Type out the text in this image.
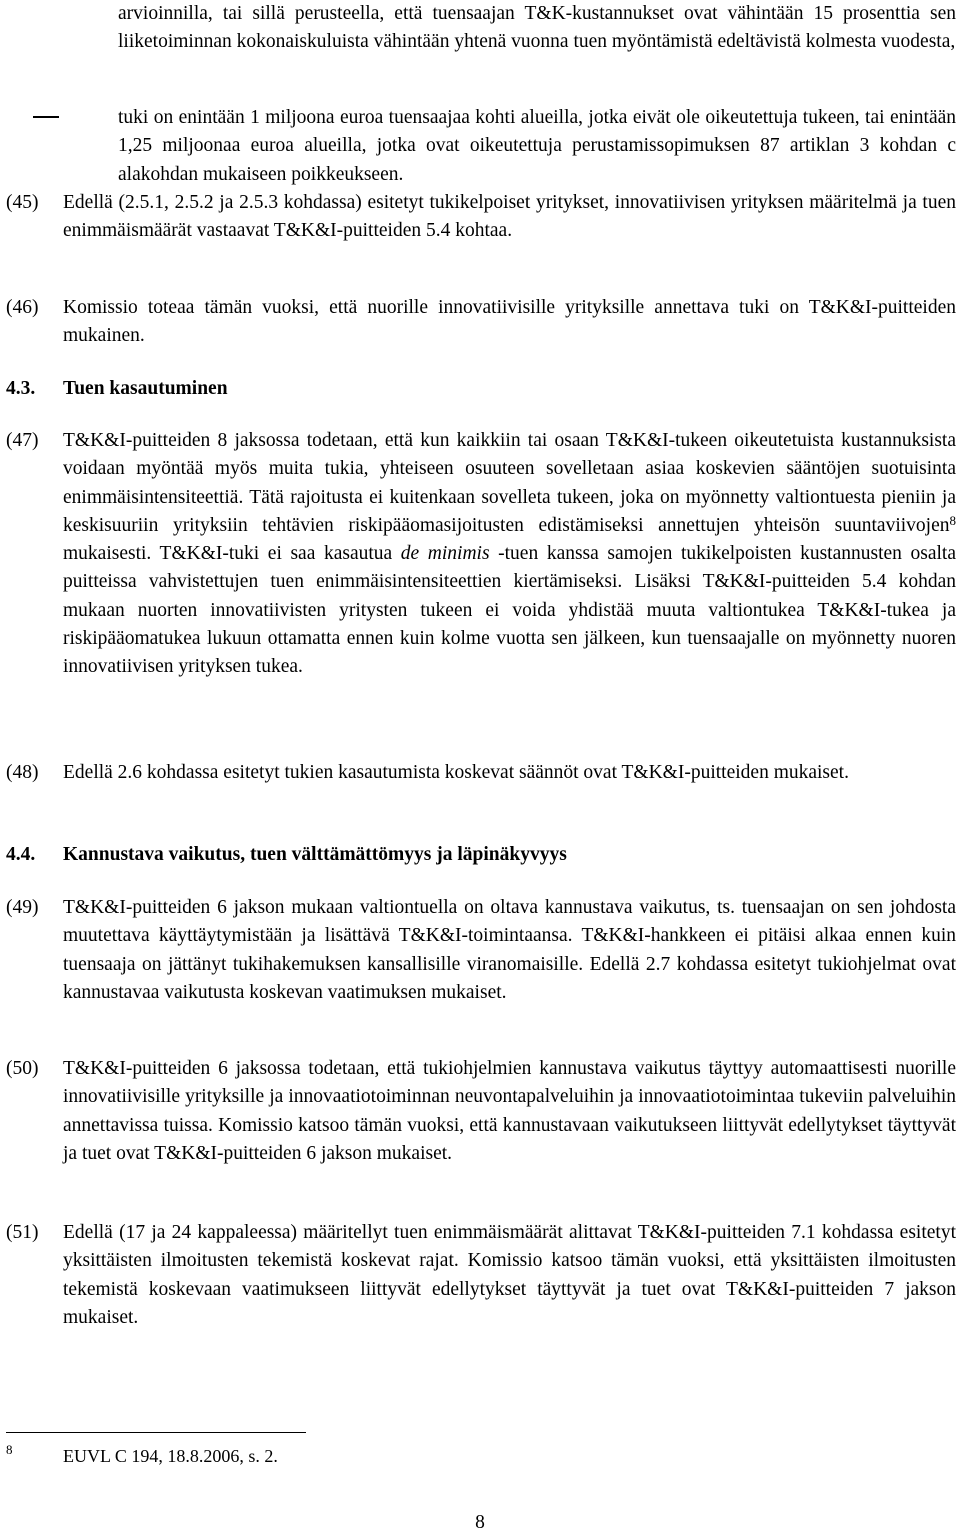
arvioinnilla, tai sillä perusteella, että tuensaajan T&K-kustannukset ovat vähintään 15 prosenttia sen liiketoiminnan kokonaiskuluista vähintään yhtenä vuonna tuen myöntämistä edeltävistä kolmesta vuodesta,
tuki on enintään 1 miljoona euroa tuensaajaa kohti alueilla, jotka eivät ole oikeutettuja tukeen, tai enintään 1,25 miljoonaa euroa alueilla, jotka ovat oikeutettuja perustamissopimuksen 87 artiklan 3 kohdan c alakohdan mukaiseen poikkeukseen.
(45)	Edellä (2.5.1, 2.5.2 ja 2.5.3 kohdassa) esitetyt tukikelpoiset yritykset, innovatiivisen yrityksen määritelmä ja tuen enimmäismäärät vastaavat T&K&I-puitteiden 5.4 kohtaa.

(46)	Komissio toteaa tämän vuoksi, että nuorille innovatiivisille yrityksille annettava tuki on T&K&I-puitteiden mukainen.

4.3. Tuen kasautuminen
(47)	T&K&I-puitteiden 8 jaksossa todetaan, että kun kaikkiin tai osaan T&K&I-tukeen oikeutetuista kustannuksista voidaan myöntää myös muita tukia, yhteiseen osuuteen sovelletaan asiaa koskevien sääntöjen suotuisinta enimmäisintensiteettiä. Tätä rajoitusta ei kuitenkaan sovelleta tukeen, joka on myönnetty valtiontuesta pieniin ja keskisuuriin yrityksiin tehtävien riskipääomasijoitusten edistämiseksi annettujen yhteisön suuntaviivojen$^8$ mukaisesti. T&K&I-tuki ei saa kasautua de minimis -tuen kanssa samojen tukikelpoisten kustannusten osalta puitteissa vahvistettujen tuen enimmäisintensiteettien kiertämiseksi. Lisäksi T&K&I-puitteiden 5.4 kohdan mukaan nuorten innovatiivisten yritysten tukeen ei voida yhdistää muuta valtiontukea T&K&I-tukea ja riskipääomatukea lukuun ottamatta ennen kuin kolme vuotta sen jälkeen, kun tuensaajalle on myönnetty nuoren innovatiivisen yrityksen tukea.

(48)	Edellä 2.6 kohdassa esitetyt tukien kasautumista koskevat säännöt ovat T&K&I-puitteiden mukaiset.

4.4. Kannustava vaikutus, tuen välttämättömyys ja läpinäkyvyys
(49)	T&K&I-puitteiden 6 jakson mukaan valtiontuella on oltava kannustava vaikutus, ts. tuensaajan on sen johdosta muutettava käyttäytymistään ja lisättävä T&K&I-toimintaansa. T&K&I-hankkeen ei pitäisi alkaa ennen kuin tuensaaja on jättänyt tukihakemuksen kansallisille viranomaisille. Edellä 2.7 kohdassa esitetyt tukiohjelmat ovat kannustavaa vaikutusta koskevan vaatimuksen mukaiset.

(50)	T&K&I-puitteiden 6 jaksossa todetaan, että tukiohjelmien kannustava vaikutus täyttyy automaattisesti nuorille innovatiivisille yrityksille ja innovaatiotoiminnan neuvontapalveluihin ja innovaatiotoimintaa tukeviin palveluihin annettavissa tuissa. Komissio katsoo tämän vuoksi, että kannustavaan vaikutukseen liittyvät edellytykset täyttyvät ja tuet ovat T&K&I-puitteiden 6 jakson mukaiset.

(51)	Edellä (17 ja 24 kappaleessa) määritellyt tuen enimmäismäärät alittavat T&K&I-puitteiden 7.1 kohdassa esitetyt yksittäisten ilmoitusten tekemistä koskevat rajat. Komissio katsoo tämän vuoksi, että yksittäisten ilmoitusten tekemistä koskevaan vaatimukseen liittyvät edellytykset täyttyvät ja tuet ovat T&K&I-puitteiden 7 jakson mukaiset.

8	EUVL C 194, 18.8.2006, s. 2.
8
